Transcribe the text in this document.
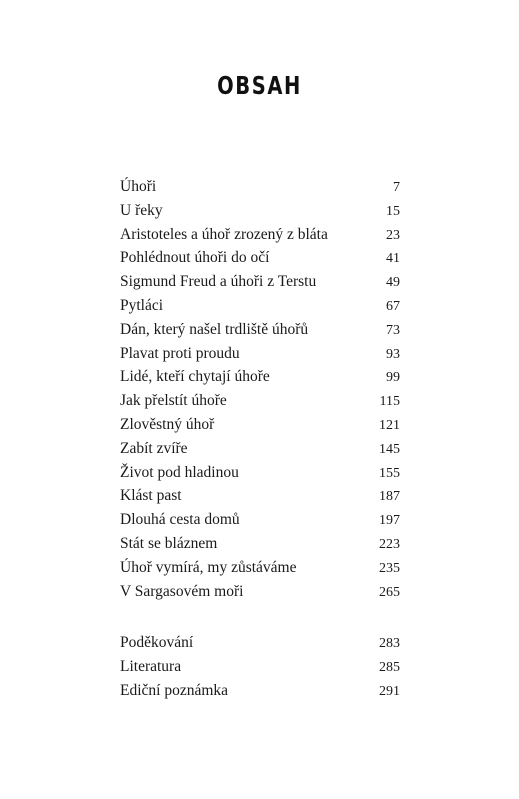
OBSAH
Úhoři	7
U řeky	15
Aristoteles a úhoř zrozený z bláta	23
Pohlédnout úhoři do očí	41
Sigmund Freud a úhoři z Terstu	49
Pytláci	67
Dán, který našel trdliště úhořů	73
Plavat proti proudu	93
Lidé, kteří chytají úhoře	99
Jak přelstít úhoře	115
Zlověstný úhoř	121
Zabít zvíře	145
Život pod hladinou	155
Klást past	187
Dlouhá cesta domů	197
Stát se bláznem	223
Úhoř vymírá, my zůstáváme	235
V Sargasovém moři	265
Poděkování	283
Literatura	285
Ediční poznámka	291
